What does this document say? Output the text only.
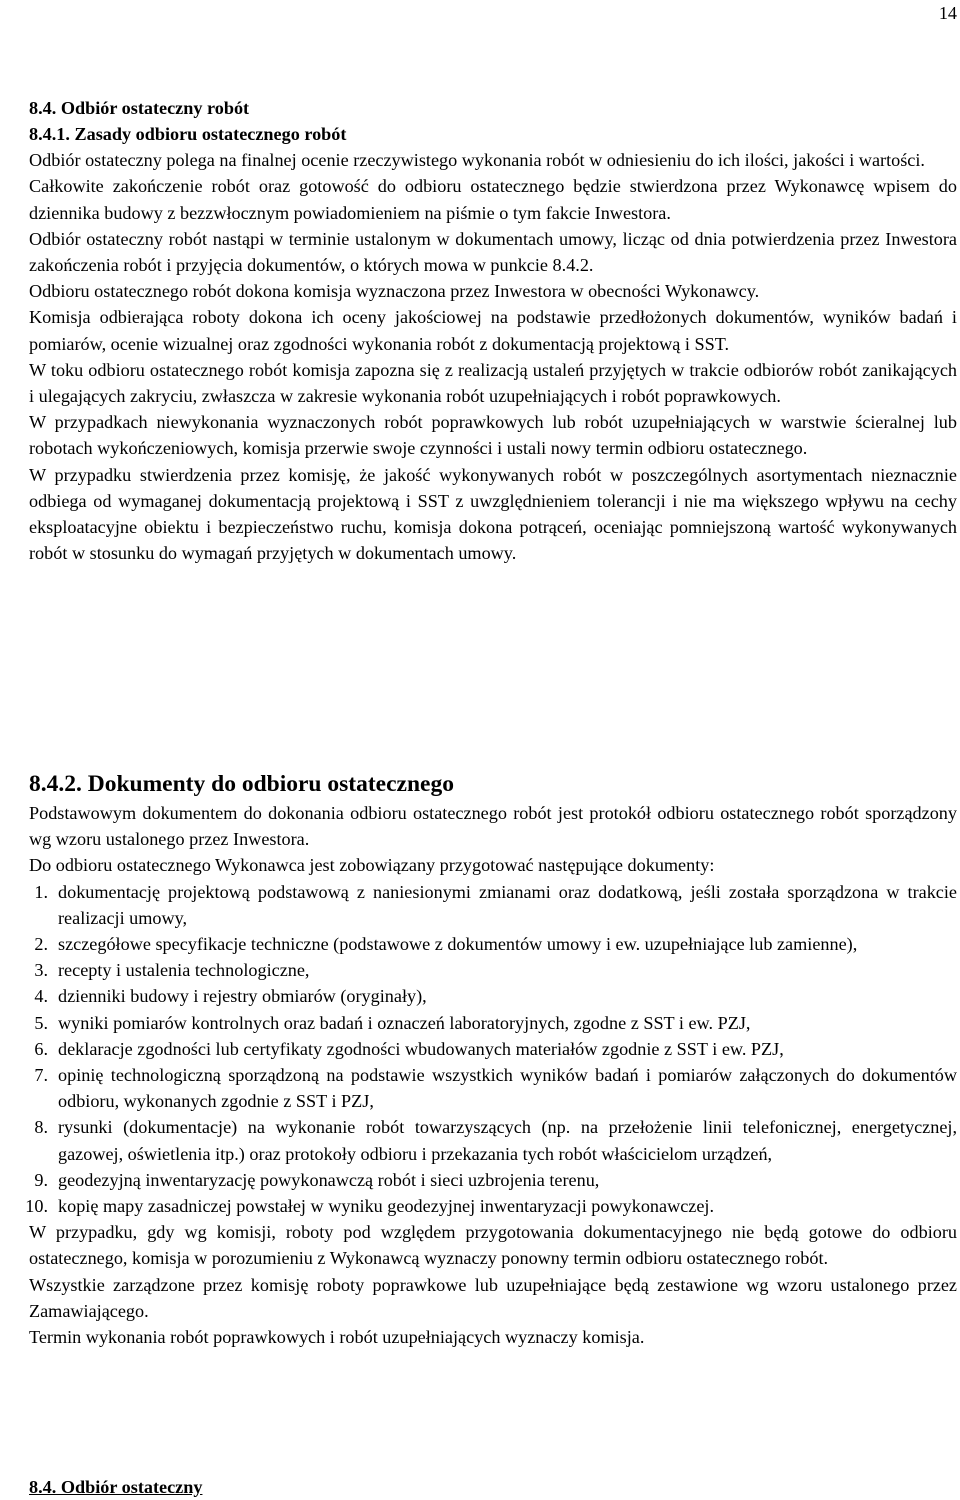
14
8.4. Odbiór ostateczny robót
8.4.1. Zasady odbioru ostatecznego robót

Odbiór ostateczny polega na finalnej ocenie rzeczywistego wykonania robót w odniesieniu do ich ilości, jakości i wartości.

Całkowite zakończenie robót oraz gotowość do odbioru ostatecznego będzie stwierdzona przez Wykonawcę wpisem do dziennika budowy z bezzwłocznym powiadomieniem na piśmie o tym fakcie Inwestora.

Odbiór ostateczny robót nastąpi w terminie ustalonym w dokumentach umowy, licząc od dnia potwierdzenia przez Inwestora zakończenia robót i przyjęcia dokumentów, o których mowa w punkcie 8.4.2.

Odbioru ostatecznego robót dokona komisja wyznaczona przez Inwestora w obecności Wykonawcy.

Komisja odbierająca roboty dokona ich oceny jakościowej na podstawie przedłożonych dokumentów, wyników badań i pomiarów, ocenie wizualnej oraz zgodności wykonania robót z dokumentacją projektową i SST.

W toku odbioru ostatecznego robót komisja zapozna się z realizacją ustaleń przyjętych w trakcie odbiorów robót zanikających i ulegających zakryciu, zwłaszcza w zakresie wykonania robót uzupełniających i robót poprawkowych.

W przypadkach niewykonania wyznaczonych robót poprawkowych lub robót uzupełniających w warstwie ścieralnej lub robotach wykończeniowych, komisja przerwie swoje czynności i ustali nowy termin odbioru ostatecznego.

W przypadku stwierdzenia przez komisję, że jakość wykonywanych robót w poszczególnych asortymentach nieznacznie odbiega od wymaganej dokumentacją projektową i SST z uwzględnieniem tolerancji i nie ma większego wpływu na cechy eksploatacyjne obiektu i bezpieczeństwo ruchu, komisja dokona potrąceń, oceniając pomniejszoną wartość wykonywanych robót w stosunku do wymagań przyjętych w dokumentach umowy.

8.4.2. Dokumenty do odbioru ostatecznego

Podstawowym dokumentem do dokonania odbioru ostatecznego robót jest protokół odbioru ostatecznego robót sporządzony wg wzoru ustalonego przez Inwestora.

Do odbioru ostatecznego Wykonawca jest zobowiązany przygotować następujące dokumenty:

1. dokumentację projektową podstawową z naniesionymi zmianami oraz dodatkową, jeśli została sporządzona w trakcie realizacji umowy,
2. szczegółowe specyfikacje techniczne (podstawowe z dokumentów umowy i ew. uzupełniające lub zamienne),
3. recepty i ustalenia technologiczne,
4. dzienniki budowy i rejestry obmiarów (oryginały),
5. wyniki pomiarów kontrolnych oraz badań i oznaczeń laboratoryjnych, zgodne z SST i ew. PZJ,
6. deklaracje zgodności lub certyfikaty zgodności wbudowanych materiałów zgodnie z SST i ew. PZJ,
7. opinię technologiczną sporządzoną na podstawie wszystkich wyników badań i pomiarów załączonych do dokumentów odbioru, wykonanych zgodnie z SST i PZJ,
8. rysunki (dokumentacje) na wykonanie robót towarzyszących (np. na przełożenie linii telefonicznej, energetycznej, gazowej, oświetlenia itp.) oraz protokoły odbioru i przekazania tych robót właścicielom urządzeń,
9. geodezyjną inwentaryzację powykonawczą robót i sieci uzbrojenia terenu,
10. kopię mapy zasadniczej powstałej w wyniku geodezyjnej inwentaryzacji powykonawczej.

W przypadku, gdy wg komisji, roboty pod względem przygotowania dokumentacyjnego nie będą gotowe do odbioru ostatecznego, komisja w porozumieniu z Wykonawcą wyznaczy ponowny termin odbioru ostatecznego robót.

Wszystkie zarządzone przez komisję roboty poprawkowe lub uzupełniające będą zestawione wg wzoru ustalonego przez Zamawiającego.

Termin wykonania robót poprawkowych i robót uzupełniających wyznaczy komisja.

8.4. Odbiór ostateczny
